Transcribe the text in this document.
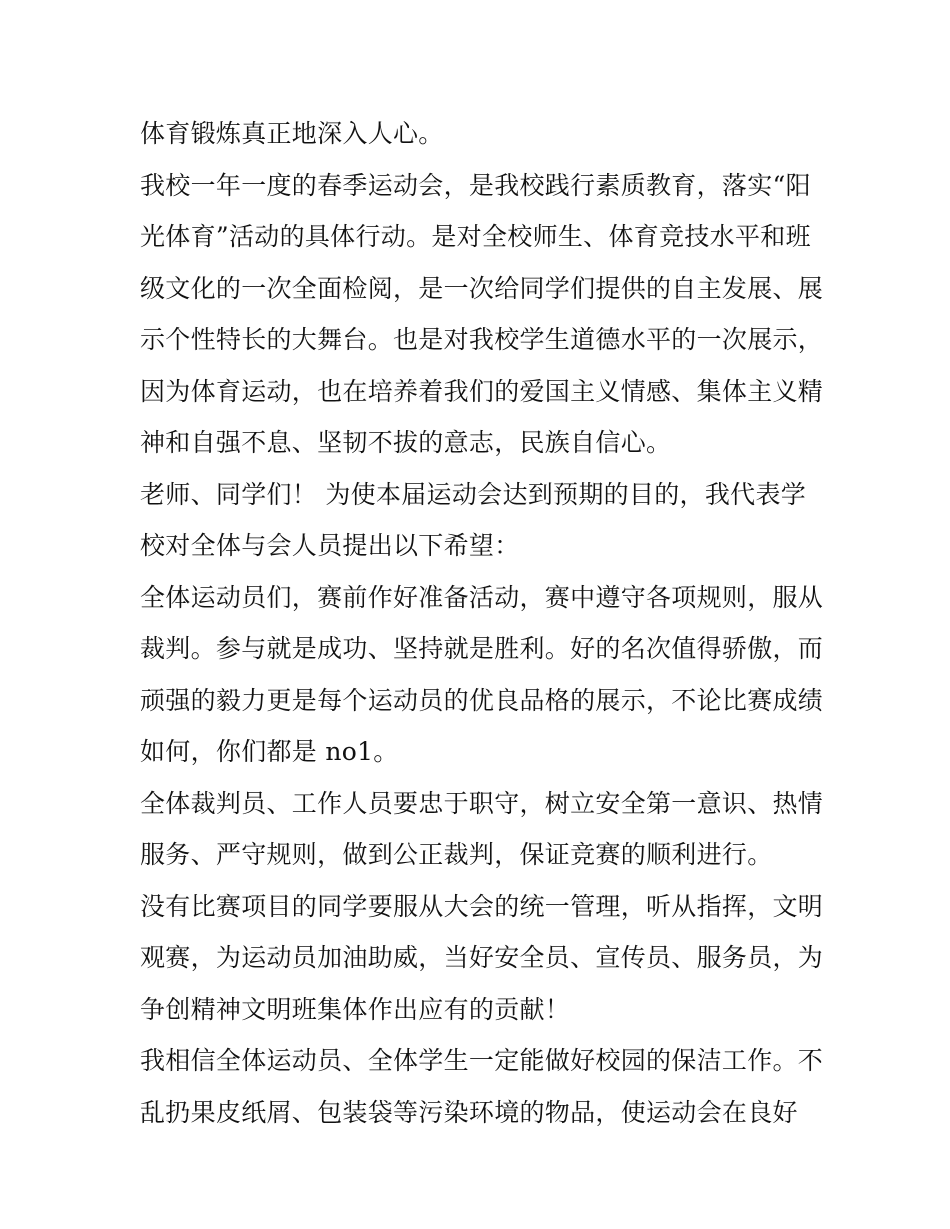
体育锻炼真正地深入人心。
我校一年一度的春季运动会，是我校践行素质教育，落实“阳
光体育”活动的具体行动。是对全校师生、体育竞技水平和班
级文化的一次全面检阅，是一次给同学们提供的自主发展、展
示个性特长的大舞台。也是对我校学生道德水平的一次展示，
因为体育运动，也在培养着我们的爱国主义情感、集体主义精
神和自强不息、坚韧不拔的意志，民族自信心。
老师、同学们！ 为使本届运动会达到预期的目的，我代表学
校对全体与会人员提出以下希望：
全体运动员们，赛前作好准备活动，赛中遵守各项规则，服从
裁判。参与就是成功、坚持就是胜利。好的名次值得骄傲，而
顽强的毅力更是每个运动员的优良品格的展示，不论比赛成绩
如何，你们都是 no1。
全体裁判员、工作人员要忠于职守，树立安全第一意识、热情
服务、严守规则，做到公正裁判，保证竞赛的顺利进行。
没有比赛项目的同学要服从大会的统一管理，听从指挥，文明
观赛，为运动员加油助威，当好安全员、宣传员、服务员，为
争创精神文明班集体作出应有的贡献！
我相信全体运动员、全体学生一定能做好校园的保洁工作。不
乱扔果皮纸屑、包装袋等污染环境的物品，使运动会在良好
